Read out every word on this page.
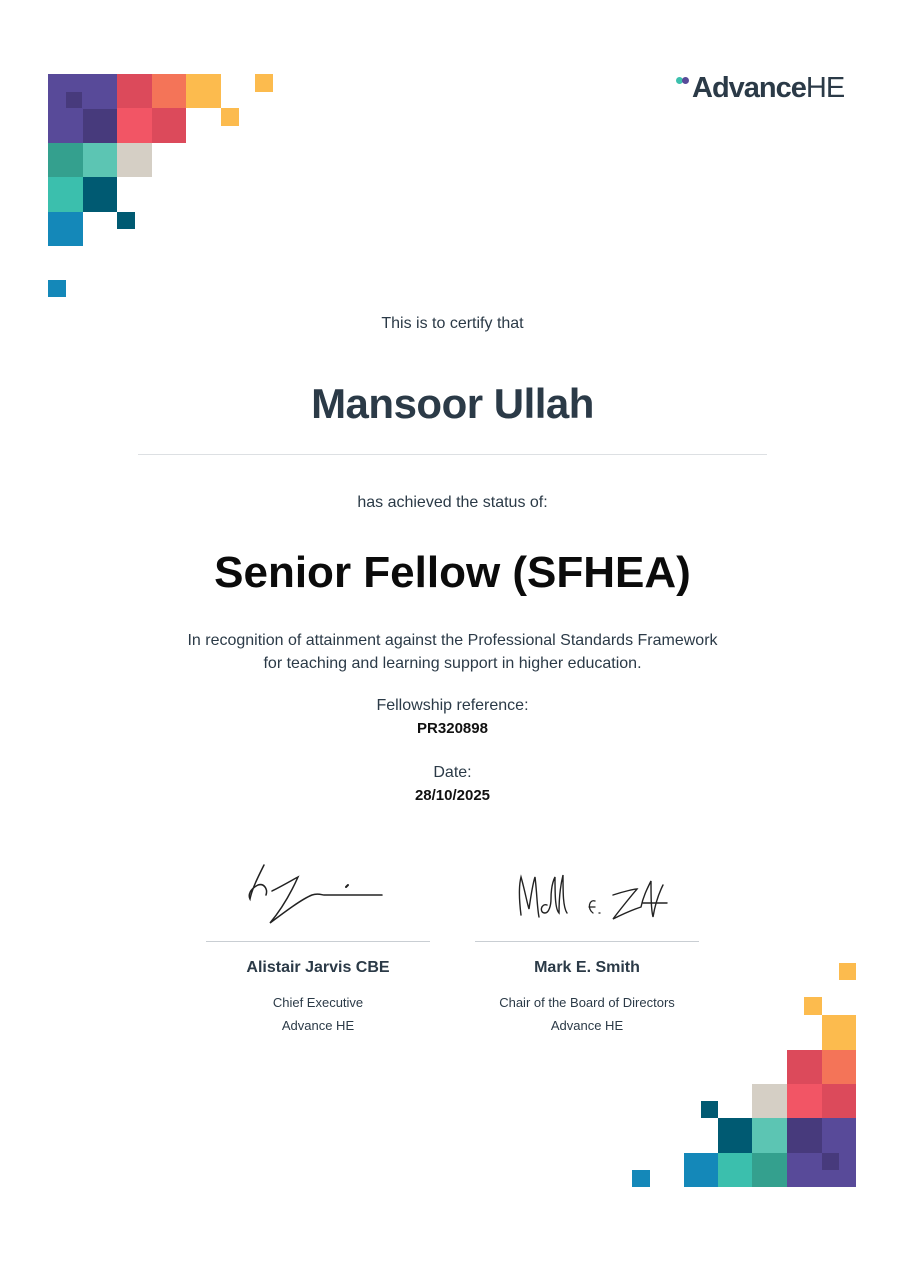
AdvanceHE
This is to certify that
Mansoor Ullah
has achieved the status of:
Senior Fellow (SFHEA)
In recognition of attainment against the Professional Standards Framework
for teaching and learning support in higher education.
Fellowship reference:
PR320898
Date:
28/10/2025
Alistair Jarvis CBE
Chief Executive
Advance HE
Mark E. Smith
Chair of the Board of Directors
Advance HE
